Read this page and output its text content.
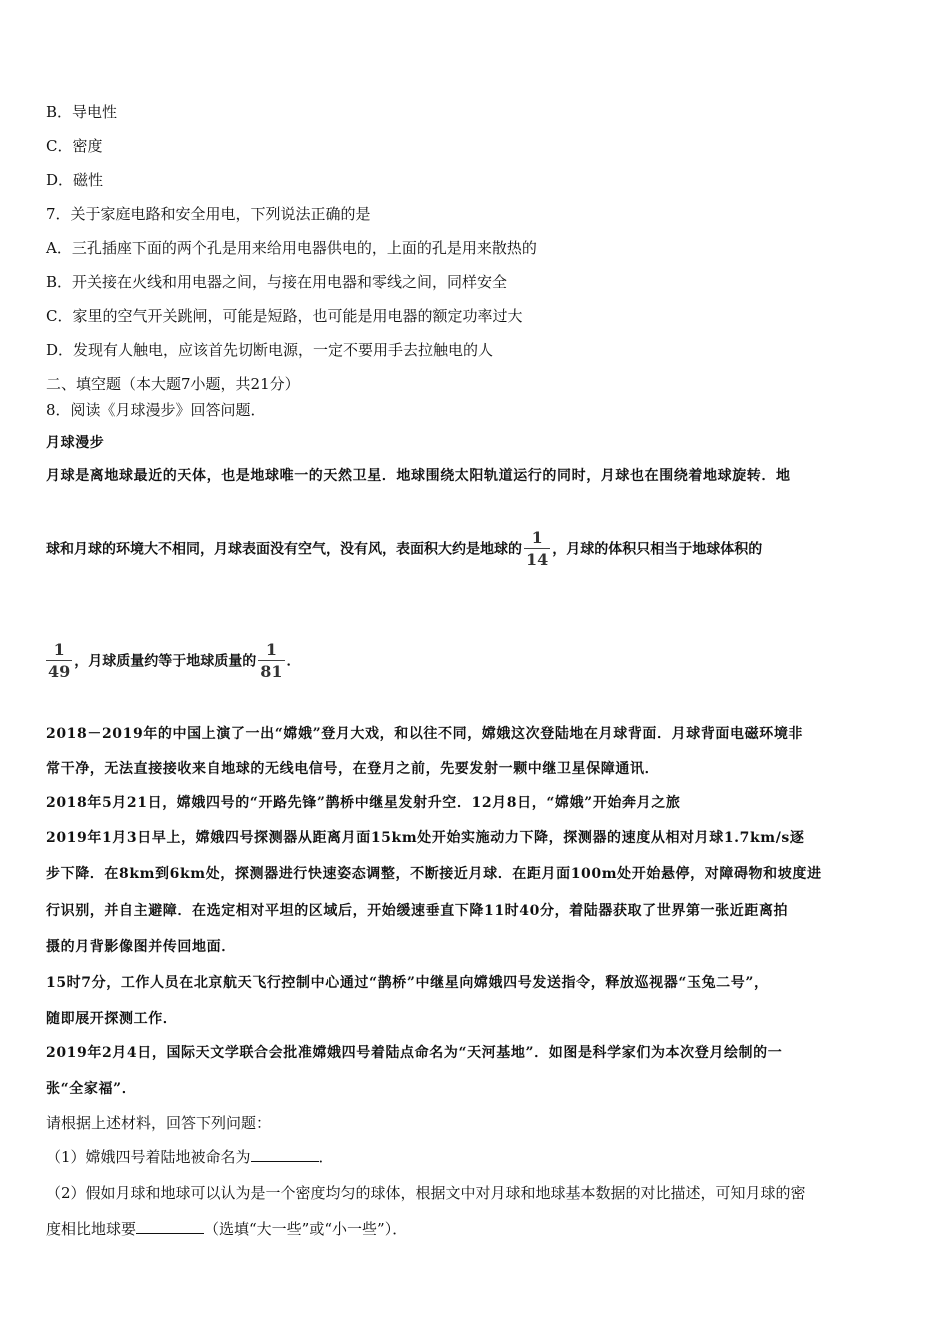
B．导电性
C．密度
D．磁性
7．关于家庭电路和安全用电，下列说法正确的是
A．三孔插座下面的两个孔是用来给用电器供电的，上面的孔是用来散热的
B．开关接在火线和用电器之间，与接在用电器和零线之间，同样安全
C．家里的空气开关跳闸，可能是短路，也可能是用电器的额定功率过大
D．发现有人触电，应该首先切断电源，一定不要用手去拉触电的人
二、填空题（本大题7小题，共21分）
8．阅读《月球漫步》回答问题．
月球漫步
月球是离地球最近的天体，也是地球唯一的天然卫星．地球围绕太阳轨道运行的同时，月球也在围绕着地球旋转．地
球和月球的环境大不相同，月球表面没有空气，没有风，表面积大约是地球的 $\frac{1}{14}$ ，月球的体积只相当于地球体积的
$\frac{1}{49}$ ，月球质量约等于地球质量的 $\frac{1}{81}$ ．
2018－2019年的中国上演了一出“嫦娥”登月大戏，和以往不同，嫦娥这次登陆地在月球背面．月球背面电磁环境非
常干净，无法直接接收来自地球的无线电信号，在登月之前，先要发射一颗中继卫星保障通讯．
2018年5月21日，嫦娥四号的“开路先锋”鹊桥中继星发射升空．12月8日，“嫦娥”开始奔月之旅
2019年1月3日早上，嫦娥四号探测器从距离月面15km处开始实施动力下降，探测器的速度从相对月球1.7km/s逐
步下降．在8km到6km处，探测器进行快速姿态调整，不断接近月球．在距月面100m处开始悬停，对障碍物和坡度进
行识别，并自主避障．在选定相对平坦的区域后，开始缓速垂直下降11时40分，着陆器获取了世界第一张近距离拍
摄的月背影像图并传回地面．
15时7分，工作人员在北京航天飞行控制中心通过“鹊桥”中继星向嫦娥四号发送指令，释放巡视器“玉兔二号”，
随即展开探测工作．
2019年2月4日，国际天文学联合会批准嫦娥四号着陆点命名为“天河基地”．如图是科学家们为本次登月绘制的一
张“全家福”．
请根据上述材料，回答下列问题：
（1）嫦娥四号着陆地被命名为	．
（2）假如月球和地球可以认为是一个密度均匀的球体，根据文中对月球和地球基本数据的对比描述，可知月球的密
度相比地球要	（选填“大一些”或“小一些”）．
